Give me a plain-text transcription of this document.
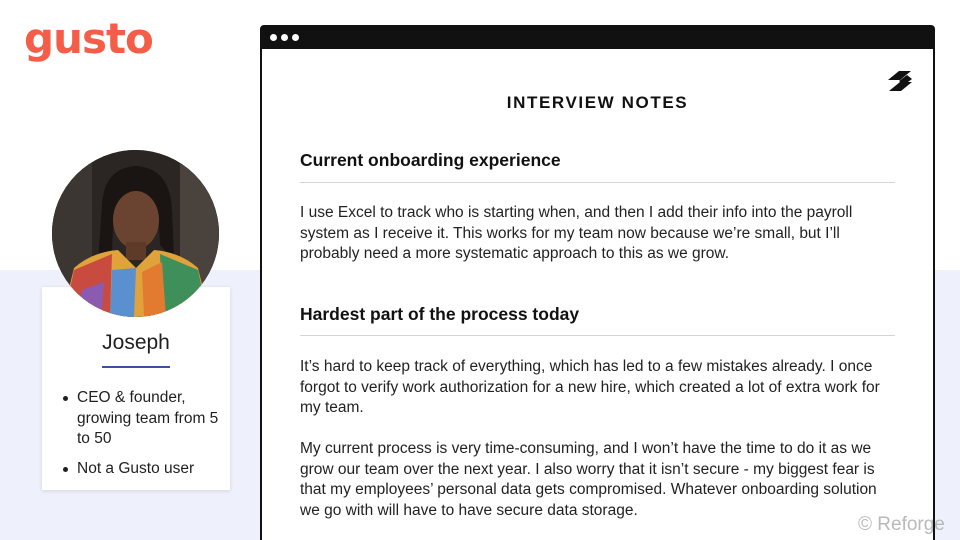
gusto
Joseph
CEO & founder, growing team from 5 to 50
Not a Gusto user
INTERVIEW NOTES
Current onboarding experience

I use Excel to track who is starting when, and then I add their info into the payroll system as I receive it. This works for my team now because we’re small, but I’ll probably need a more systematic approach to this as we grow.

Hardest part of the process today

It’s hard to keep track of everything, which has led to a few mistakes already. I once forgot to verify work authorization for a new hire, which created a lot of extra work for my team.

My current process is very time-consuming, and I won’t have the time to do it as we grow our team over the next year. I also worry that it isn’t secure - my biggest fear is that my employees’ personal data gets compromised. Whatever onboarding solution we go with will have to have secure data storage.

© Reforge
